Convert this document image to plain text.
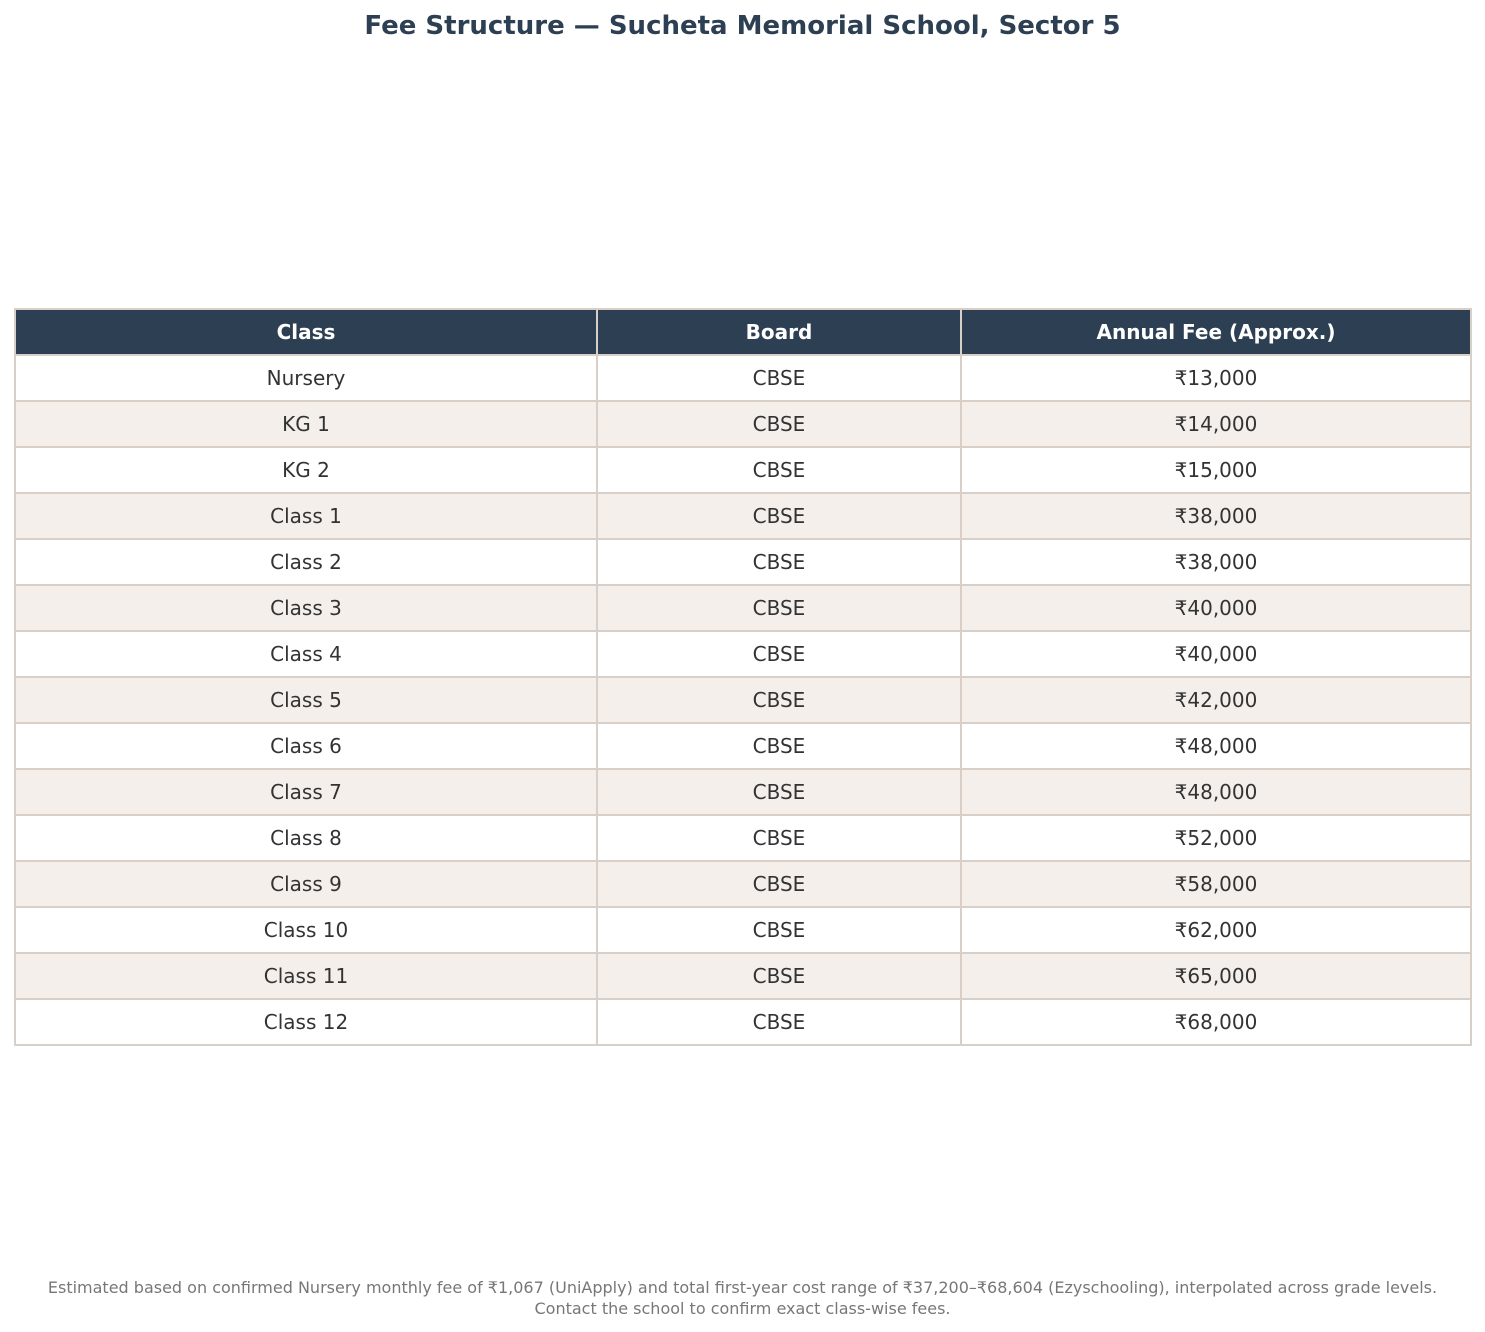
Fee Structure — Sucheta Memorial School, Sector 5
Class	Board	Annual Fee (Approx.)
Nursery	CBSE	₹13,000
KG 1	CBSE	₹14,000
KG 2	CBSE	₹15,000
Class 1	CBSE	₹38,000
Class 2	CBSE	₹38,000
Class 3	CBSE	₹40,000
Class 4	CBSE	₹40,000
Class 5	CBSE	₹42,000
Class 6	CBSE	₹48,000
Class 7	CBSE	₹48,000
Class 8	CBSE	₹52,000
Class 9	CBSE	₹58,000
Class 10	CBSE	₹62,000
Class 11	CBSE	₹65,000
Class 12	CBSE	₹68,000
Estimated based on confirmed Nursery monthly fee of ₹1,067 (UniApply) and total first-year cost range of ₹37,200–₹68,604 (Ezyschooling), interpolated across grade levels.
Contact the school to confirm exact class-wise fees.
